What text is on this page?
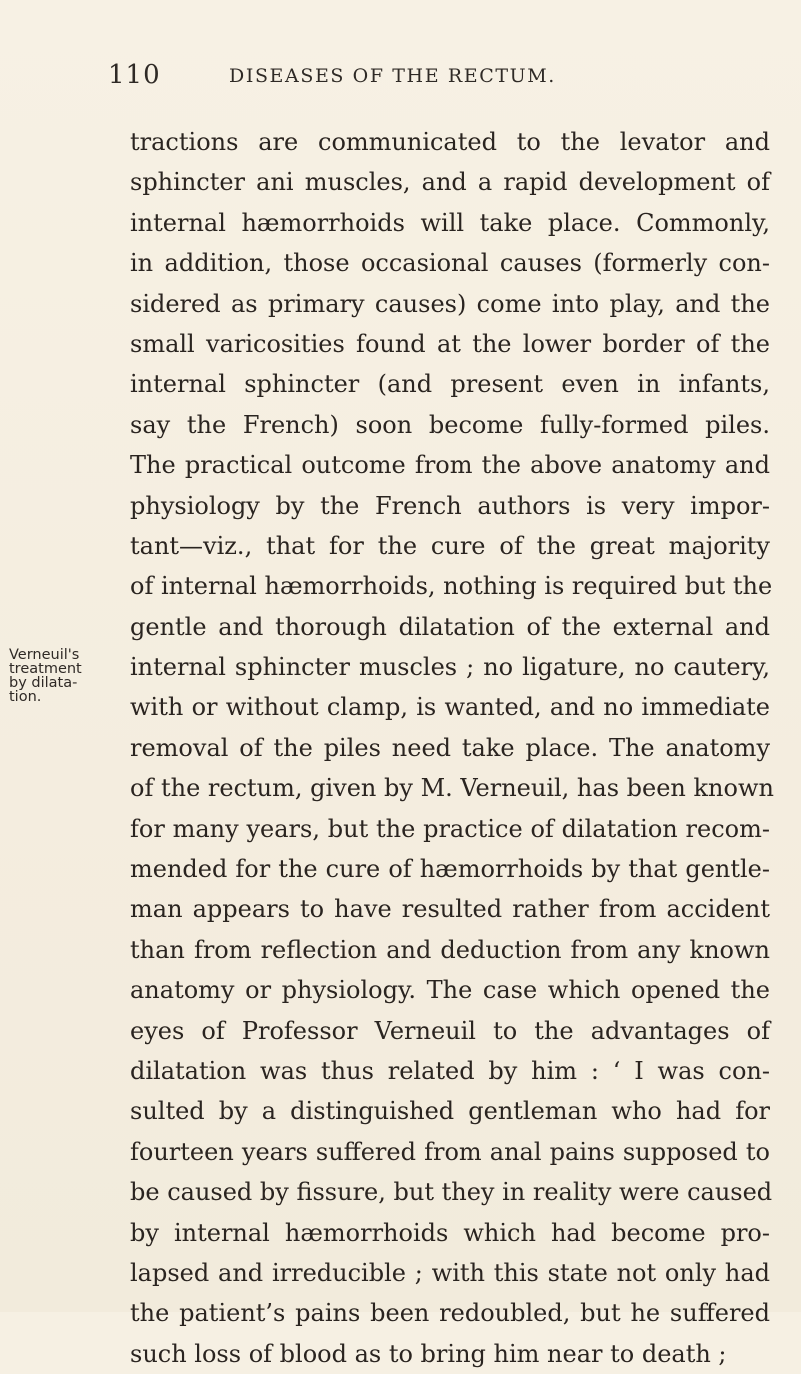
110	DISEASES OF THE RECTUM.
Verneuil's
treatment
by dilata-
tion.
tractions are communicated to the levator and
sphincter ani muscles, and a rapid development of
internal hæmorrhoids will take place. Commonly,
in addition, those occasional causes (formerly con-
sidered as primary causes) come into play, and the
small varicosities found at the lower border of the
internal sphincter (and present even in infants,
say the French) soon become fully-formed piles.
The practical outcome from the above anatomy and
physiology by the French authors is very impor-
tant—viz., that for the cure of the great majority
of internal hæmorrhoids, nothing is required but the
gentle and thorough dilatation of the external and
internal sphincter muscles ; no ligature, no cautery,
with or without clamp, is wanted, and no immediate
removal of the piles need take place. The anatomy
of the rectum, given by M. Verneuil, has been known
for many years, but the practice of dilatation recom-
mended for the cure of hæmorrhoids by that gentle-
man appears to have resulted rather from accident
than from reflection and deduction from any known
anatomy or physiology. The case which opened the
eyes of Professor Verneuil to the advantages of
dilatation was thus related by him : ‘ I was con-
sulted by a distinguished gentleman who had for
fourteen years suffered from anal pains supposed to
be caused by fissure, but they in reality were caused
by internal hæmorrhoids which had become pro-
lapsed and irreducible ; with this state not only had
the patient’s pains been redoubled, but he suffered
such loss of blood as to bring him near to death ;
